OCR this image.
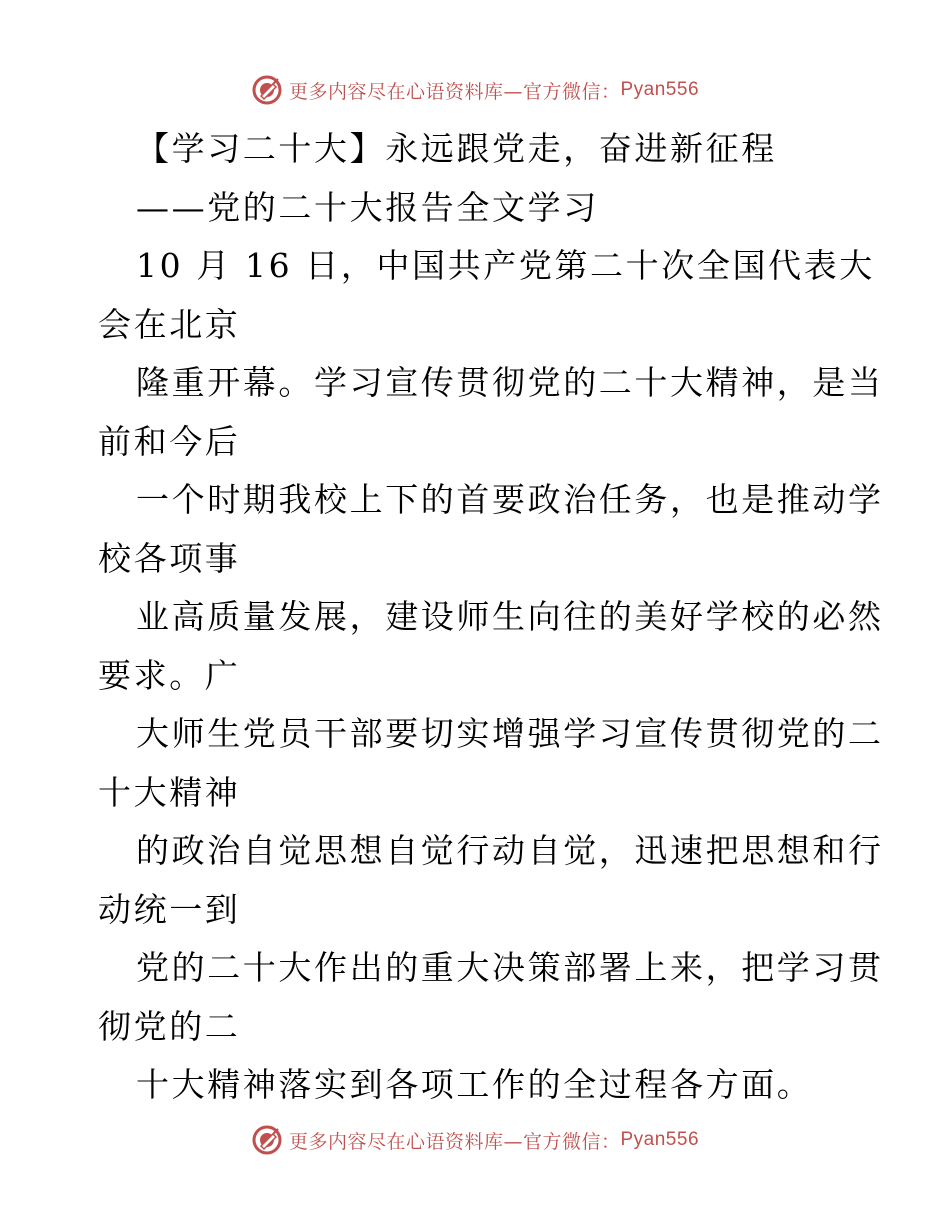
更多内容尽在心语资料库—官方微信： Pyan556
【学习二十大】永远跟党走，奋进新征程
——党的二十大报告全文学习
10 月 16 日，中国共产党第二十次全国代表大
会在北京
隆重开幕。学习宣传贯彻党的二十大精神，是当
前和今后
一个时期我校上下的首要政治任务，也是推动学
校各项事
业高质量发展，建设师生向往的美好学校的必然
要求。广
大师生党员干部要切实增强学习宣传贯彻党的二
十大精神
的政治自觉思想自觉行动自觉，迅速把思想和行
动统一到
党的二十大作出的重大决策部署上来，把学习贯
彻党的二
十大精神落实到各项工作的全过程各方面。
更多内容尽在心语资料库—官方微信： Pyan556
